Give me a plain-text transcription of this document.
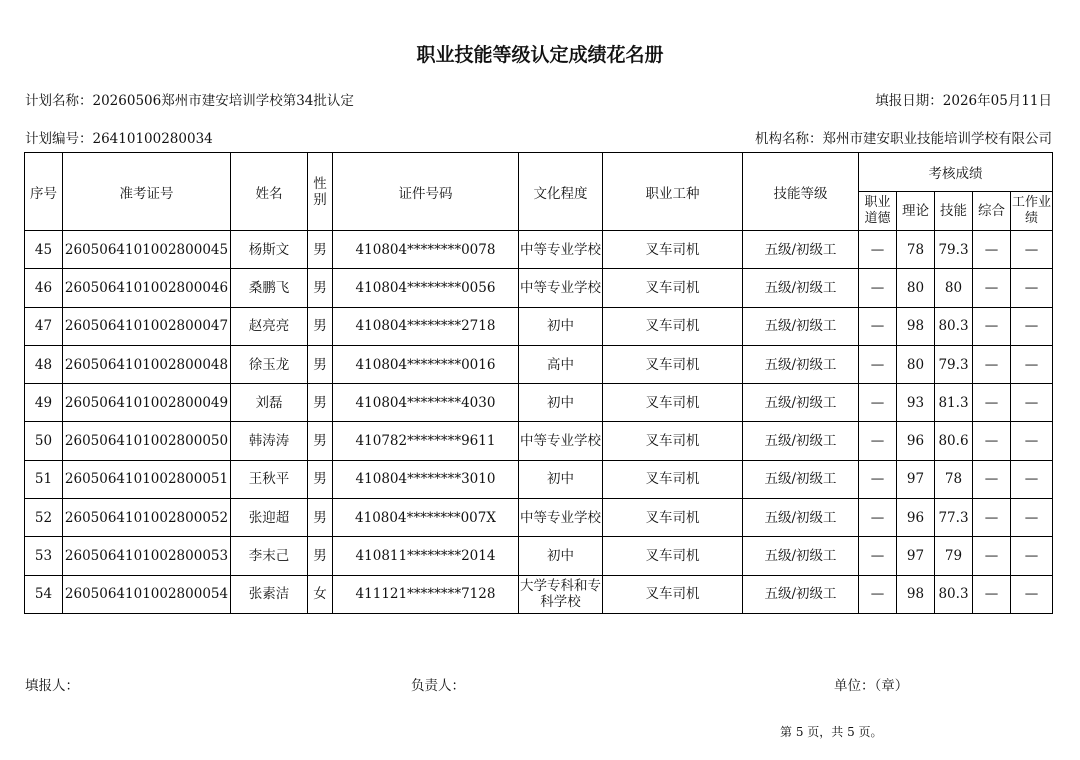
职业技能等级认定成绩花名册
计划名称：20260506郑州市建安培训学校第34批认定	填报日期：2026年05月11日
计划编号：26410100280034	机构名称：郑州市建安职业技能培训学校有限公司
序号	准考证号	姓名	性别	证件号码	文化程度	职业工种	技能等级	考核成绩				
								职业道德	理论	技能	综合	工作业绩
45	2605064101002800045	杨斯文	男	410804********0078	中等专业学校	叉车司机	五级/初级工	—	78	79.3	—	—
46	2605064101002800046	桑鹏飞	男	410804********0056	中等专业学校	叉车司机	五级/初级工	—	80	80	—	—
47	2605064101002800047	赵亮亮	男	410804********2718	初中	叉车司机	五级/初级工	—	98	80.3	—	—
48	2605064101002800048	徐玉龙	男	410804********0016	高中	叉车司机	五级/初级工	—	80	79.3	—	—
49	2605064101002800049	刘磊	男	410804********4030	初中	叉车司机	五级/初级工	—	93	81.3	—	—
50	2605064101002800050	韩涛涛	男	410782********9611	中等专业学校	叉车司机	五级/初级工	—	96	80.6	—	—
51	2605064101002800051	王秋平	男	410804********3010	初中	叉车司机	五级/初级工	—	97	78	—	—
52	2605064101002800052	张迎超	男	410804********007X	中等专业学校	叉车司机	五级/初级工	—	96	77.3	—	—
53	2605064101002800053	李末己	男	410811********2014	初中	叉车司机	五级/初级工	—	97	79	—	—
54	2605064101002800054	张素洁	女	411121********7128	大学专科和专科学校	叉车司机	五级/初级工	—	98	80.3	—	—
填报人：	负责人：	单位：（章）
第 5 页，共 5 页。
